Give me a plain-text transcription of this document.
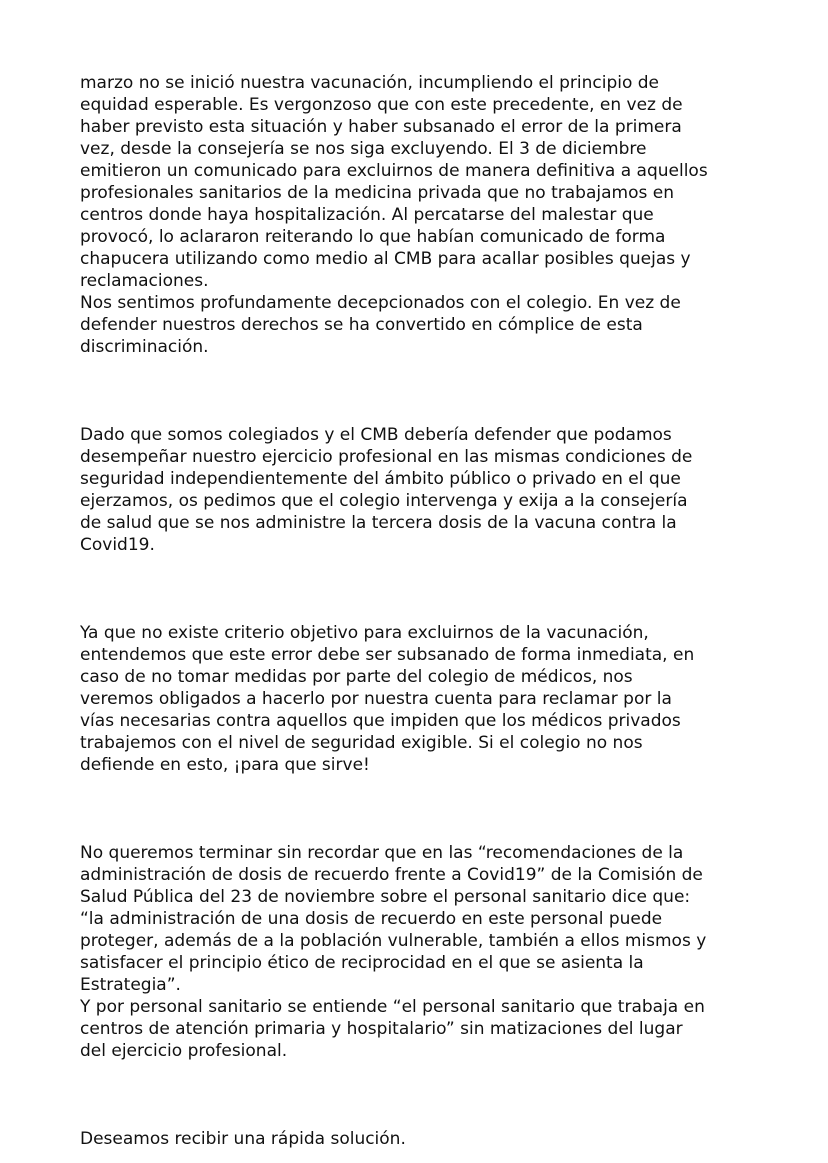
marzo no se inició nuestra vacunación, incumpliendo el principio de
equidad esperable. Es vergonzoso que con este precedente, en vez de
haber previsto esta situación y haber subsanado el error de la primera
vez, desde la consejería se nos siga excluyendo. El 3 de diciembre
emitieron un comunicado para excluirnos de manera definitiva a aquellos
profesionales sanitarios de la medicina privada que no trabajamos en
centros donde haya hospitalización. Al percatarse del malestar que
provocó, lo aclararon reiterando lo que habían comunicado de forma
chapucera utilizando como medio al CMB para acallar posibles quejas y
reclamaciones.
Nos sentimos profundamente decepcionados con el colegio. En vez de
defender nuestros derechos se ha convertido en cómplice de esta
discriminación.
Dado que somos colegiados y el CMB debería defender que podamos
desempeñar nuestro ejercicio profesional en las mismas condiciones de
seguridad independientemente del ámbito público o privado en el que
ejerzamos, os pedimos que el colegio intervenga y exija a la consejería
de salud que se nos administre la tercera dosis de la vacuna contra la
Covid19.
Ya que no existe criterio objetivo para excluirnos de la vacunación,
entendemos que este error debe ser subsanado de forma inmediata, en
caso de no tomar medidas por parte del colegio de médicos, nos
veremos obligados a hacerlo por nuestra cuenta para reclamar por la
vías necesarias contra aquellos que impiden que los médicos privados
trabajemos con el nivel de seguridad exigible. Si el colegio no nos
defiende en esto, ¡para que sirve!
No queremos terminar sin recordar que en las “recomendaciones de la
administración de dosis de recuerdo frente a Covid19” de la Comisión de
Salud Pública del 23 de noviembre sobre el personal sanitario dice que:
“la administración de una dosis de recuerdo en este personal puede
proteger, además de a la población vulnerable, también a ellos mismos y
satisfacer el principio ético de reciprocidad en el que se asienta la
Estrategia”.
Y por personal sanitario se entiende “el personal sanitario que trabaja en
centros de atención primaria y hospitalario” sin matizaciones del lugar
del ejercicio profesional.
Deseamos recibir una rápida solución.
